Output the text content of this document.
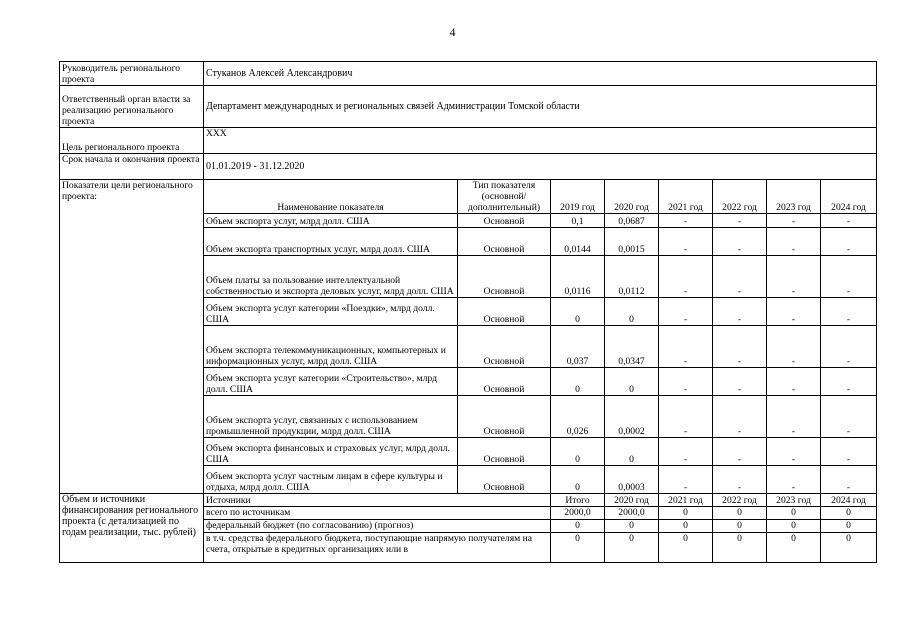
4
Руководитель регионального проекта	Стуканов Алексей Александрович							
Ответственный орган власти за реализацию регионального проекта	Департамент международных и региональных связей Администрации Томской области							
Цель регионального проекта	XXX							
Срок начала и окончания проекта	01.01.2019 - 31.12.2020							
Показатели цели регионального проекта:	Наименование показателя	Тип показателя (основной/ дополнительный)	2019 год	2020 год	2021 год	2022 год	2023 год	2024 год
	Объем экспорта услуг, млрд долл. США	Основной	0,1	0,0687	-	-	-	-
	Объем экспорта транспортных услуг, млрд долл. США	Основной	0,0144	0,0015	-	-	-	-
	Объем платы за пользование интеллектуальной собственностью и экспорта деловых услуг, млрд долл. США	Основной	0,0116	0,0112	-	-	-	-
	Объем экспорта услуг категории «Поездки», млрд долл. США	Основной	0	0	-	-	-	-
	Объем экспорта телекоммуникационных, компьютерных и информационных услуг, млрд долл. США	Основной	0,037	0,0347	-	-	-	-
	Объем экспорта услуг категории «Строительство», млрд долл. США	Основной	0	0	-	-	-	-
	Объем экспорта услуг, связанных с использованием промышленной продукции, млрд долл. США	Основной	0,026	0,0002	-	-	-	-
	Объем экспорта финансовых и страховых услуг, млрд долл. США	Основной	0	0	-	-	-	-
	Объем экспорта услуг частным лицам в сфере культуры и отдыха, млрд долл. США	Основной	0	0,0003	-	-	-	-
Объем и источники финансирования регионального проекта (с детализацией по годам реализации, тыс. рублей)	Источники		Итого	2020 год	2021 год	2022 год	2023 год	2024 год
	всего по источникам		2000,0	2000,0	0	0	0	0
	федеральный бюджет (по согласованию) (прогноз)		0	0	0	0	0	0
	в т.ч. средства федерального бюджета, поступающие напрямую получателям на счета, открытые в кредитных организациях или в		0	0	0	0	0	0
